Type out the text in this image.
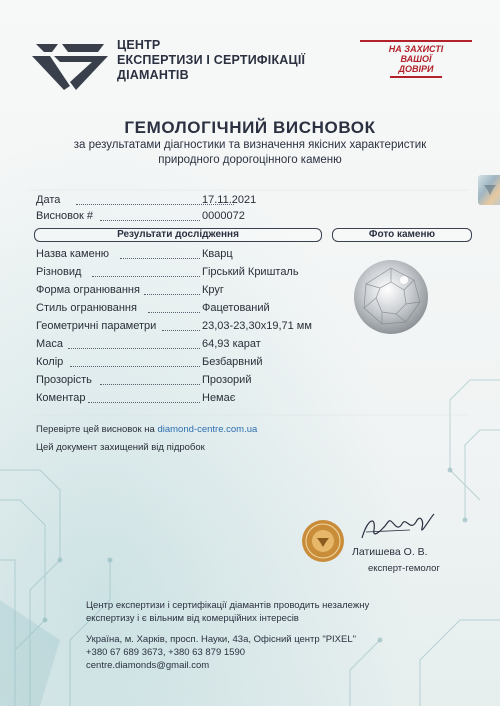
ЦЕНТР
ЕКСПЕРТИЗИ І СЕРТИФІКАЦІЇ
ДІАМАНТІВ
НА ЗАХИСТІ
ВАШОЇ
ДОВІРИ
ГЕМОЛОГІЧНИЙ ВИСНОВОК
за результатами діагностики та визначення якісних характеристик
природного дорогоцінного каменю
Дата	17.11.2021
Висновок #	0000072
Результати дослідження	Фото каменю
Назва каменю	Кварц
Різновид	Гірський Кришталь
Форма огранювання	Круг
Стиль огранювання	Фацетований
Геометричні параметри	23,03-23,30x19,71 мм
Маса	64,93 карат
Колір	Безбарвний
Прозорість	Прозорий
Коментар	Немає
Перевірте цей висновок на diamond-centre.com.ua
Цей документ захищений від підробок
Латишева О. В.
експерт-гемолог
Центр експертизи і сертифікації діамантів проводить незалежну
експертизу і є вільним від комерційних інтересів
Україна, м. Харків, просп. Науки, 43а, Офісний центр "PIXEL"
+380 67 689 3673, +380 63 879 1590
centre.diamonds@gmail.com
